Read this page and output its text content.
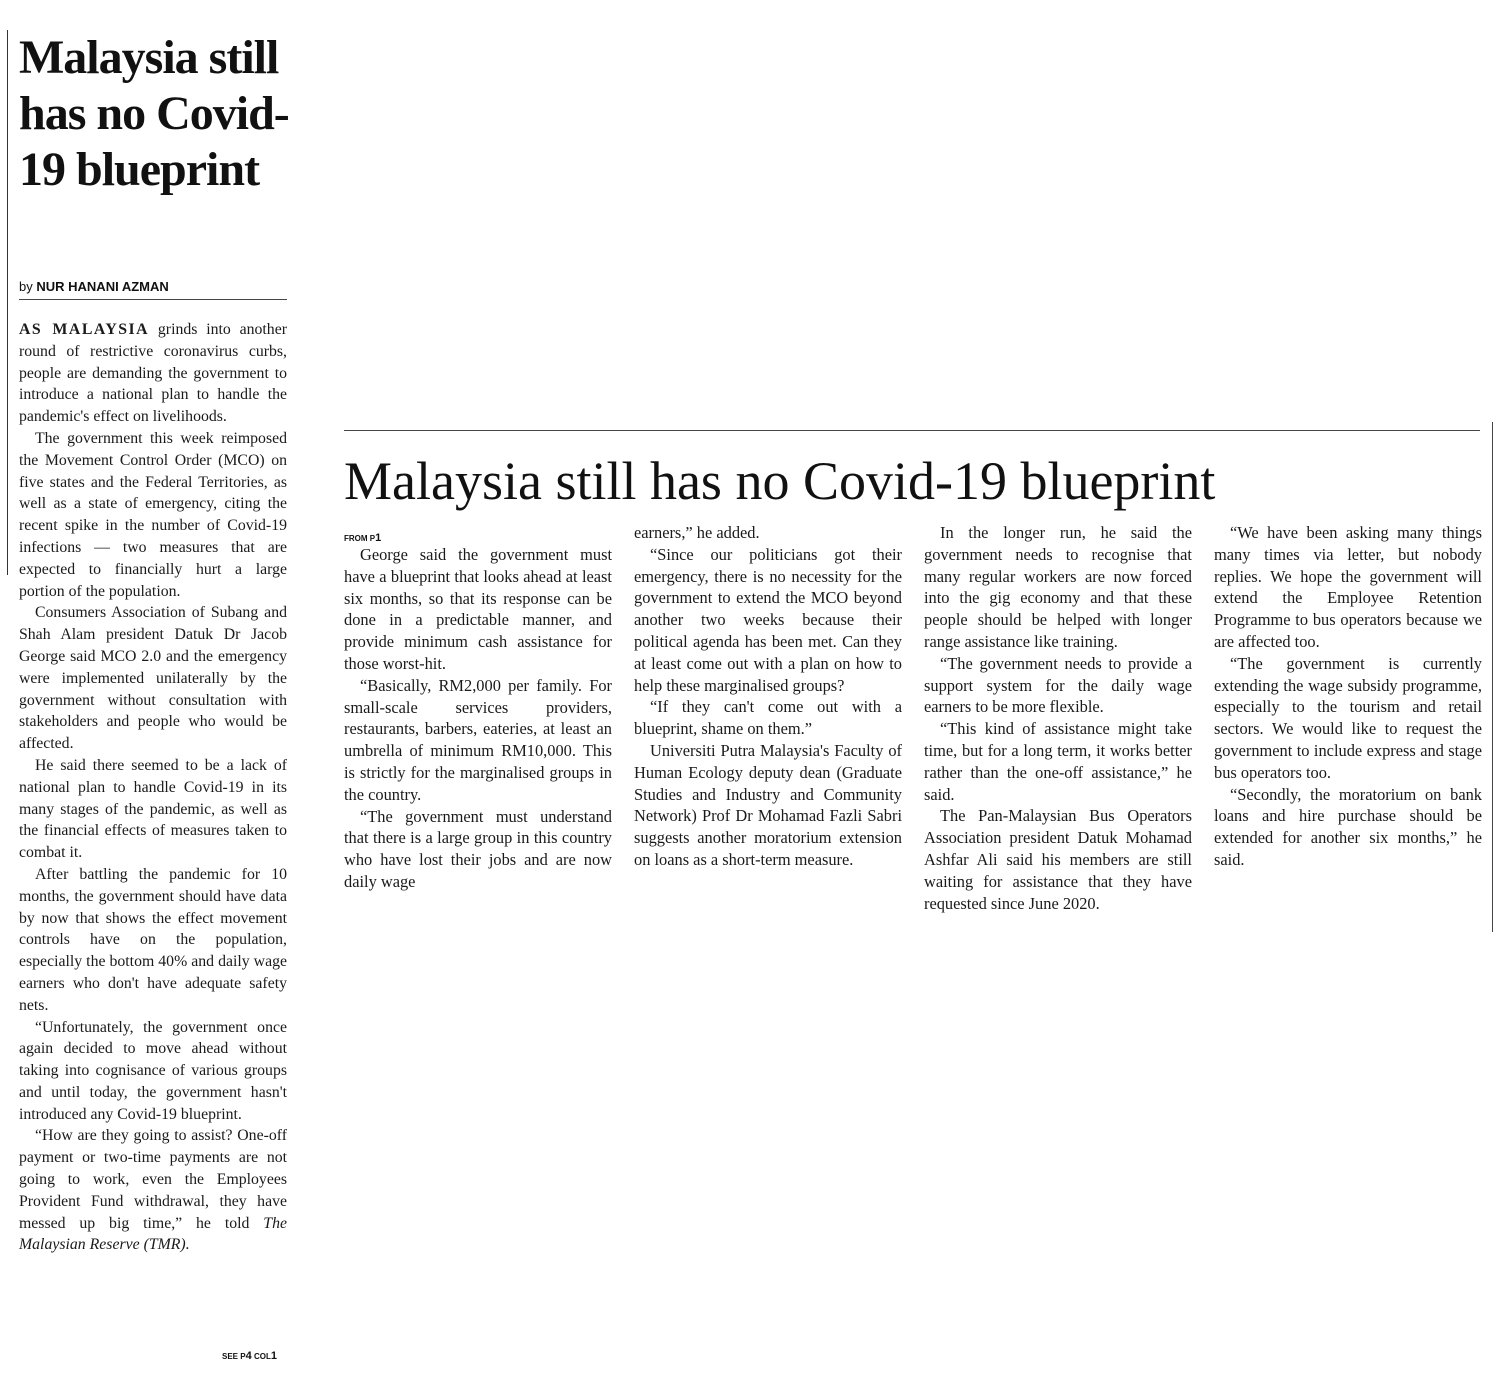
Malaysia still has no Covid-19 blueprint
by NUR HANANI AZMAN

AS MALAYSIA grinds into another round of restrictive coronavirus curbs, people are demanding the government to introduce a national plan to handle the pandemic's effect on livelihoods.

The government this week reimposed the Movement Control Order (MCO) on five states and the Federal Territories, as well as a state of emergency, citing the recent spike in the number of Covid-19 infections — two measures that are expected to financially hurt a large portion of the population.

Consumers Association of Subang and Shah Alam president Datuk Dr Jacob George said MCO 2.0 and the emergency were implemented unilaterally by the government without consultation with stakeholders and people who would be affected.

He said there seemed to be a lack of national plan to handle Covid-19 in its many stages of the pandemic, as well as the financial effects of measures taken to combat it.

After battling the pandemic for 10 months, the government should have data by now that shows the effect movement controls have on the population, especially the bottom 40% and daily wage earners who don't have adequate safety nets.

“Unfortunately, the government once again decided to move ahead without taking into cognisance of various groups and until today, the government hasn't introduced any Covid-19 blueprint.

“How are they going to assist? One-off payment or two-time payments are not going to work, even the Employees Provident Fund withdrawal, they have messed up big time,” he told The Malaysian Reserve (TMR).

SEE P4 COL1
Malaysia still has no Covid-19 blueprint
FROM P1

George said the government must have a blueprint that looks ahead at least six months, so that its response can be done in a predictable manner, and provide minimum cash assistance for those worst-hit.

“Basically, RM2,000 per family. For small-scale services providers, restaurants, barbers, eateries, at least an umbrella of minimum RM10,000. This is strictly for the marginalised groups in the country.

“The government must understand that there is a large group in this country who have lost their jobs and are now daily wage

earners,” he added.

“Since our politicians got their emergency, there is no necessity for the government to extend the MCO beyond another two weeks because their political agenda has been met. Can they at least come out with a plan on how to help these marginalised groups?

“If they can't come out with a blueprint, shame on them.”

Universiti Putra Malaysia's Faculty of Human Ecology deputy dean (Graduate Studies and Industry and Community Network) Prof Dr Mohamad Fazli Sabri suggests another moratorium extension on loans as a short-term measure.

In the longer run, he said the government needs to recognise that many regular workers are now forced into the gig economy and that these people should be helped with longer range assistance like training.

“The government needs to provide a support system for the daily wage earners to be more flexible.

“This kind of assistance might take time, but for a long term, it works better rather than the one-off assistance,” he said.

The Pan-Malaysian Bus Operators Association president Datuk Mohamad Ashfar Ali said his members are still waiting for assistance that they have requested since June 2020.

“We have been asking many things many times via letter, but nobody replies. We hope the government will extend the Employee Retention Programme to bus operators because we are affected too.

“The government is currently extending the wage subsidy programme, especially to the tourism and retail sectors. We would like to request the government to include express and stage bus operators too.

“Secondly, the moratorium on bank loans and hire purchase should be extended for another six months,” he said.
